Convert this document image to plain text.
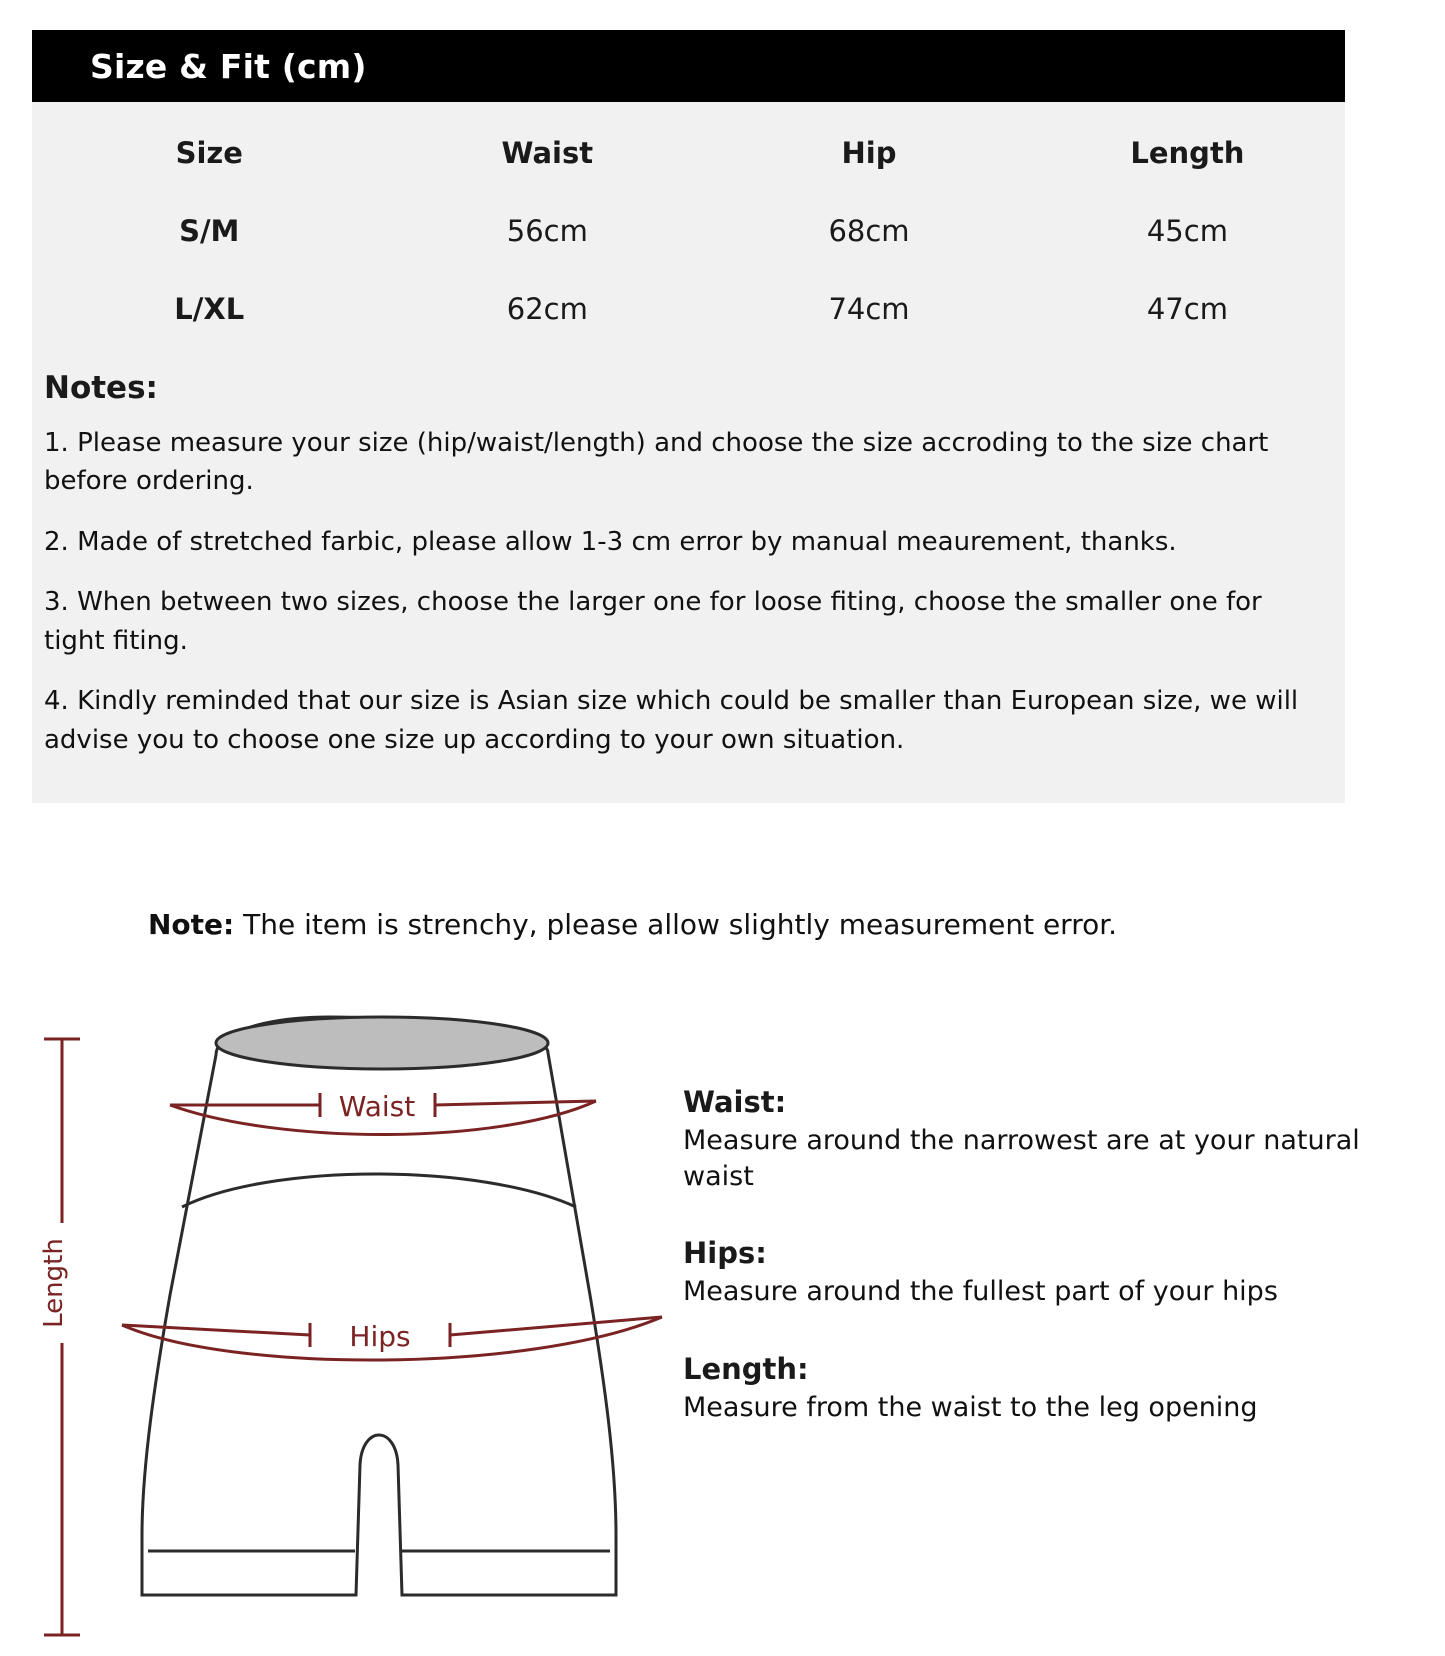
Size & Fit (cm)
Size	Waist	Hip	Length
S/M	56cm	68cm	45cm
L/XL	62cm	74cm	47cm
Notes:

1. Please measure your size (hip/waist/length) and choose the size accroding to the size chart before ordering.

2. Made of stretched farbic, please allow 1-3 cm error by manual meaurement, thanks.

3. When between two sizes, choose the larger one for loose fiting, choose the smaller one for tight fiting.

4. Kindly reminded that our size is Asian size which could be smaller than European size, we will advise you to choose one size up according to your own situation.

Note: The item is strenchy, please allow slightly measurement error.
Waist
Hips
Length
Waist:
Measure around the narrowest are at your natural waist
Hips:
Measure around the fullest part of your hips
Length:
Measure from the waist to the leg opening
